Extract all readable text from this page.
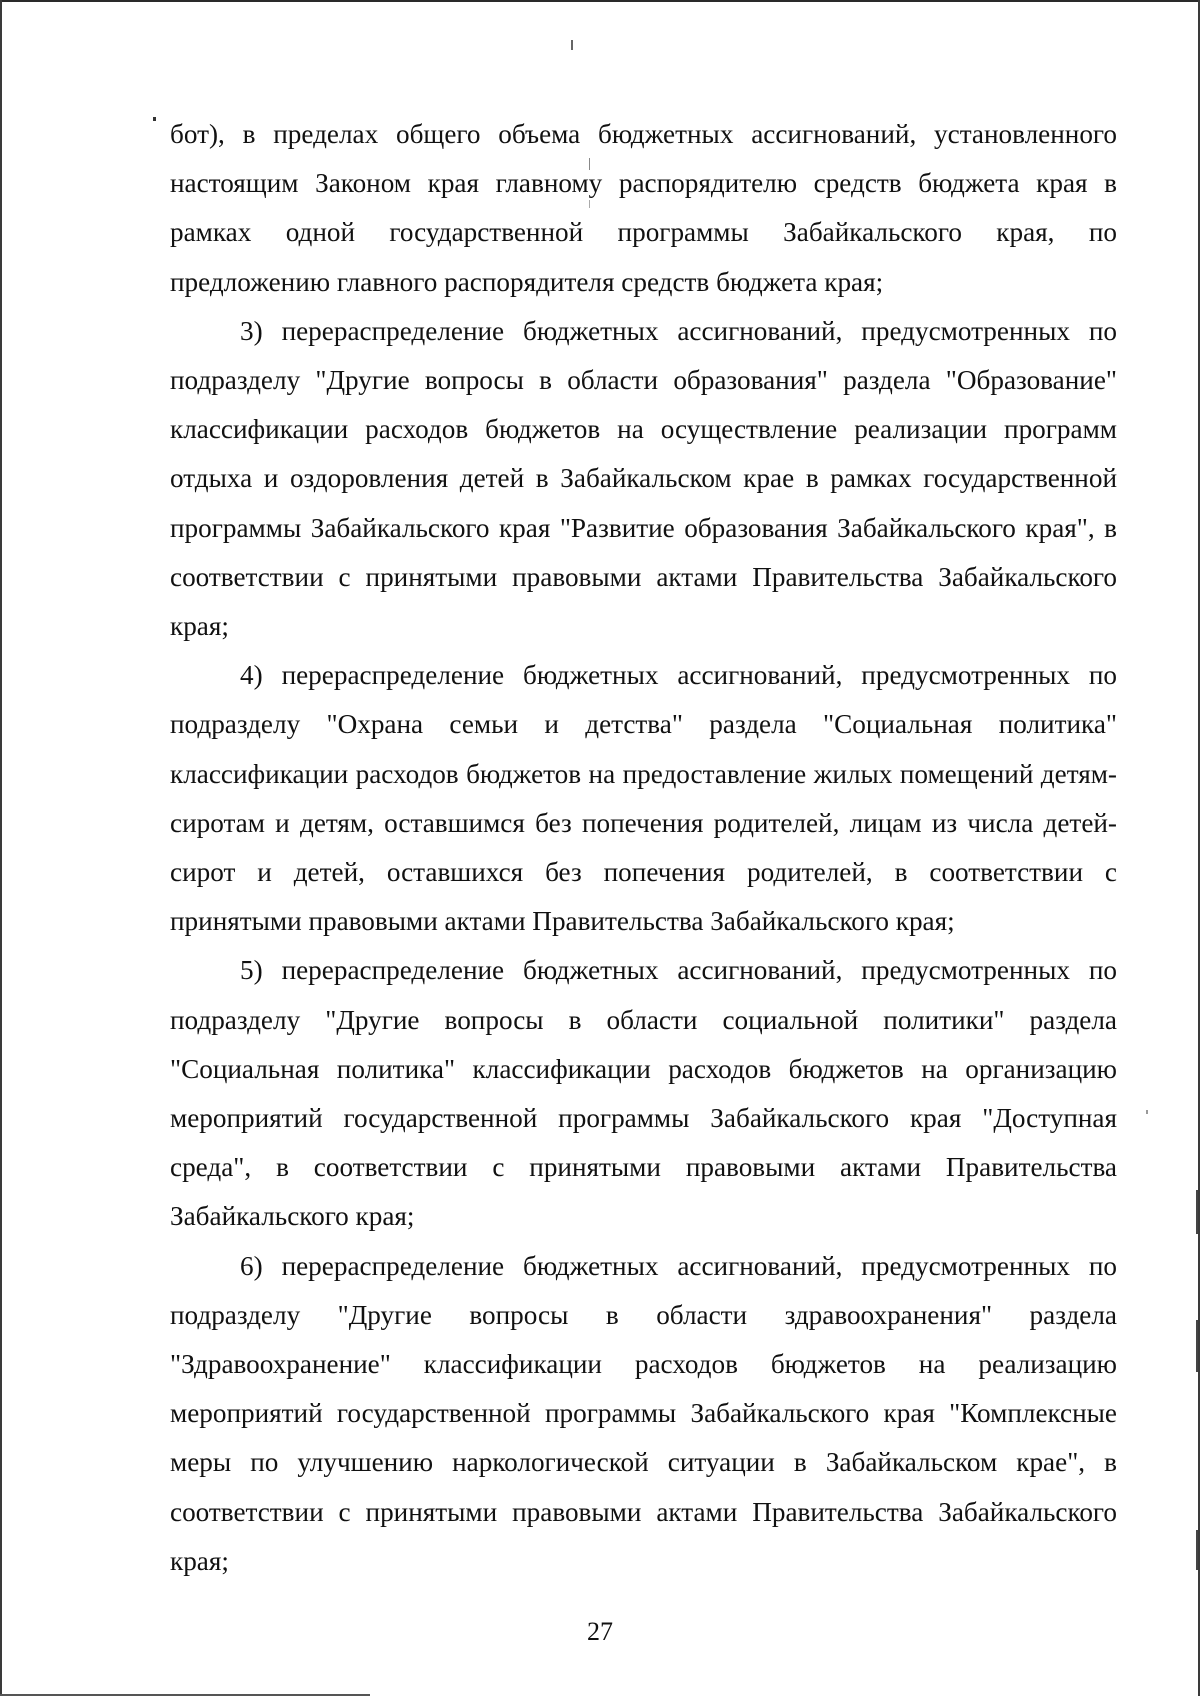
бот), в пределах общего объема бюджетных ассигнований, установленного настоящим Законом края главному распорядителю средств бюджета края в рамках одной государственной программы Забайкальского края, по предложению главного распорядителя средств бюджета края;

3) перераспределение бюджетных ассигнований, предусмотренных по подразделу "Другие вопросы в области образования" раздела "Образование" классификации расходов бюджетов на осуществление реализации программ отдыха и оздоровления детей в Забайкальском крае в рамках государственной программы Забайкальского края "Развитие образования Забайкальского края", в соответствии с принятыми правовыми актами Правительства Забайкальского края;

4) перераспределение бюджетных ассигнований, предусмотренных по подразделу "Охрана семьи и детства" раздела "Социальная политика" классификации расходов бюджетов на предоставление жилых помещений детям-сиротам и детям, оставшимся без попечения родителей, лицам из числа детей-сирот и детей, оставшихся без попечения родителей, в соответствии с принятыми правовыми актами Правительства Забайкальского края;

5) перераспределение бюджетных ассигнований, предусмотренных по подразделу "Другие вопросы в области социальной политики" раздела "Социальная политика" классификации расходов бюджетов на организацию мероприятий государственной программы Забайкальского края "Доступная среда", в соответствии с принятыми правовыми актами Правительства Забайкальского края;

6) перераспределение бюджетных ассигнований, предусмотренных по подразделу "Другие вопросы в области здравоохранения" раздела "Здравоохранение" классификации расходов бюджетов на реализацию мероприятий государственной программы Забайкальского края "Комплексные меры по улучшению наркологической ситуации в Забайкальском крае", в соответствии с принятыми правовыми актами Правительства Забайкальского края;

27
